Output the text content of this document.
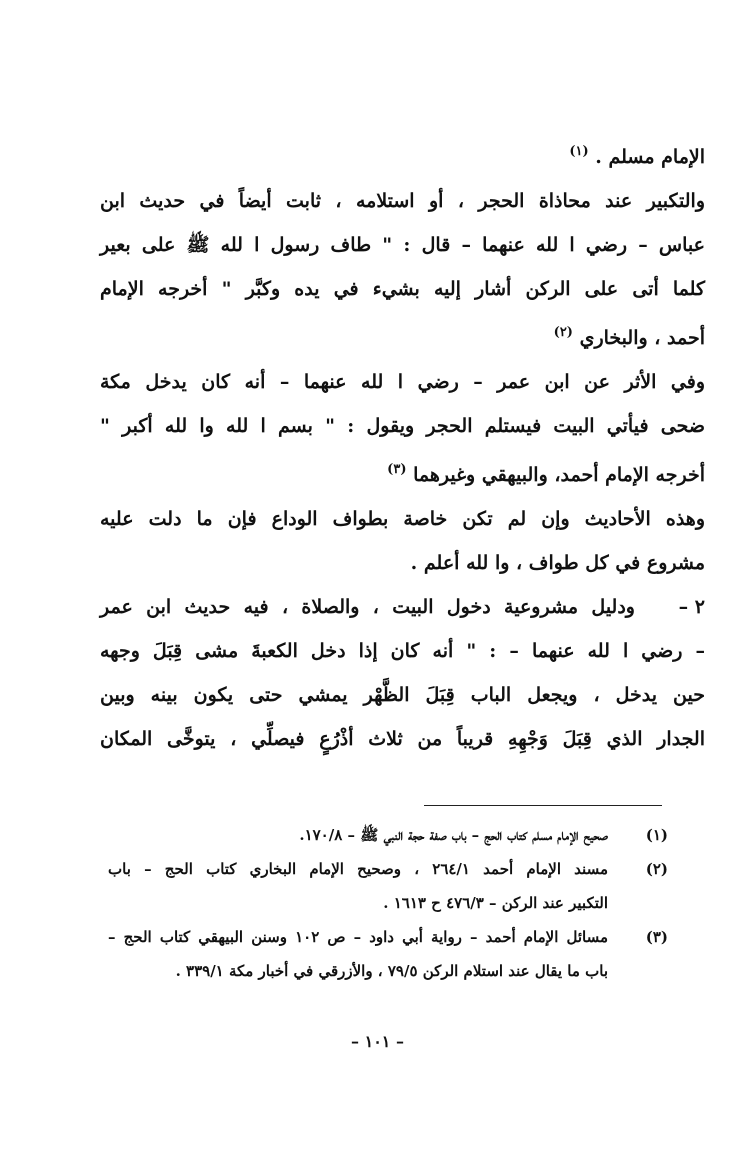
الإمام مسلم . $^{(١)}$

والتكبير عند محاذاة الحجر ، أو استلامه ، ثابت أيضاً في حديث ابن

عباس – رضي ا لله عنهما – قال : " طاف رسول ا لله ﷺ على بعير

كلما أتى على الركن أشار إليه بشيء في يده وكبَّر " أخرجه الإمام

أحمد ، والبخاري $^{(٢)}$

وفي الأثر عن ابن عمر – رضي ا لله عنهما – أنه كان يدخل مكة

ضحى فيأتي البيت فيستلم الحجر ويقول : " بسم ا لله وا لله أكبر "

أخرجه الإمام أحمد، والبيهقي وغيرهما $^{(٣)}$

وهذه الأحاديث وإن لم تكن خاصة بطواف الوداع فإن ما دلت عليه

مشروع في كل طواف ، وا لله أعلم .

٢ –

ودليل مشروعية دخول البيت ، والصلاة ، فيه حديث ابن عمر

– رضي ا لله عنهما – : " أنه كان إذا دخل الكعبةَ مشى قِبَلَ وجهه

حين يدخل ، ويجعل الباب قِبَلَ الظَّهْر يمشي حتى يكون بينه وبين

الجدار الذي قِبَلَ وَجْهِهِ قريباً من ثلاث أذْرُعٍ فيصلِّي ، يتوخَّى المكان

(١)
صحيح الإمام مسلم كتاب الحج – باب صفة حجة النبي ﷺ – ١٧٠/٨.
(٢)
مسند الإمام أحمد ٢٦٤/١ ، وصحيح الإمام البخاري كتاب الحج – باب
التكبير عند الركن – ٤٧٦/٣ ح ١٦١٣ .
(٣)
مسائل الإمام أحمد – رواية أبي داود – ص ١٠٢ وسنن البيهقي كتاب الحج –
باب ما يقال عند استلام الركن ٧٩/٥ ، والأزرقي في أخبار مكة ٣٣٩/١ .
– ١٠١ –
